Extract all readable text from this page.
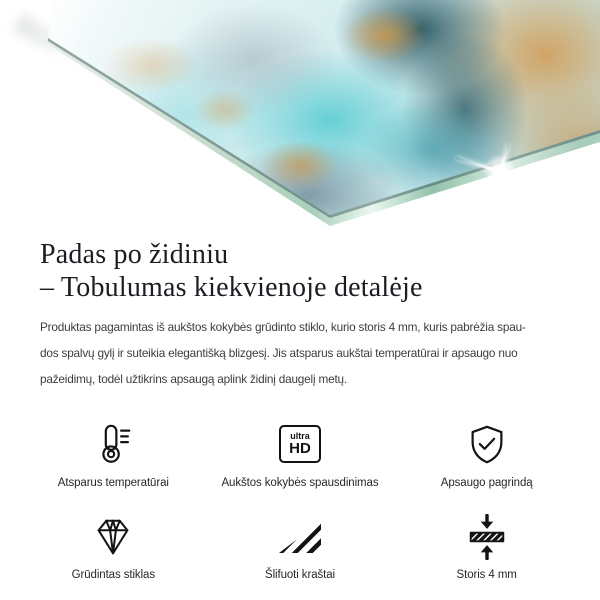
Padas po židiniu
– Tobulumas kiekvienoje detalėje

Produktas pagamintas iš aukštos kokybės grūdinto stiklo, kurio storis 4 mm, kuris pabrėžia spau-
dos spalvų gylį ir suteikia elegantišką blizgesį. Jis atsparus aukštai temperatūrai ir apsaugo nuo
pažeidimų, todėl užtikrins apsaugą aplink židinį daugelį metų.

Atsparus temperatūrai
ultra
HD
Aukštos kokybės spausdinimas	Apsaugo pagrindą
Grūdintas stiklas	Šlifuoti kraštai	Storis 4 mm
